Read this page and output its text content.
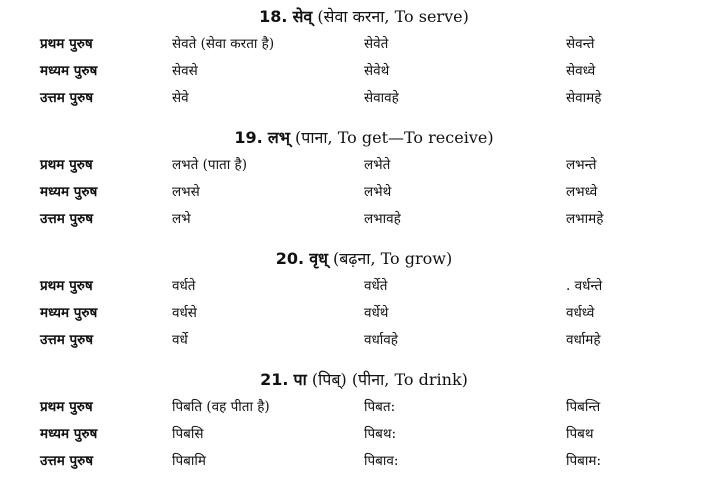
18. सेव् (सेवा करना, To serve)
प्रथम पुरुष	सेवते (सेवा करता है)	सेवेते	सेवन्ते
मध्यम पुरुष	सेवसे	सेवेथे	सेवध्वे
उत्तम पुरुष	सेवे	सेवावहे	सेवामहे
19. लभ् (पाना, To get—To receive)
प्रथम पुरुष	लभते (पाता है)	लभेते	लभन्ते
मध्यम पुरुष	लभसे	लभेथे	लभध्वे
उत्तम पुरुष	लभे	लभावहे	लभामहे
20. वृध् (बढ़ना, To grow)
प्रथम पुरुष	वर्धते	वर्धेते	. वर्धन्ते
मध्यम पुरुष	वर्धसे	वर्धेथे	वर्धध्वे
उत्तम पुरुष	वर्धे	वर्धावहे	वर्धामहे
21. पा (पिब्) (पीना, To drink)
प्रथम पुरुष	पिबति (वह पीता है)	पिबत:	पिबन्ति
मध्यम पुरुष	पिबसि	पिबथ:	पिबथ
उत्तम पुरुष	पिबामि	पिबाव:	पिबाम:
